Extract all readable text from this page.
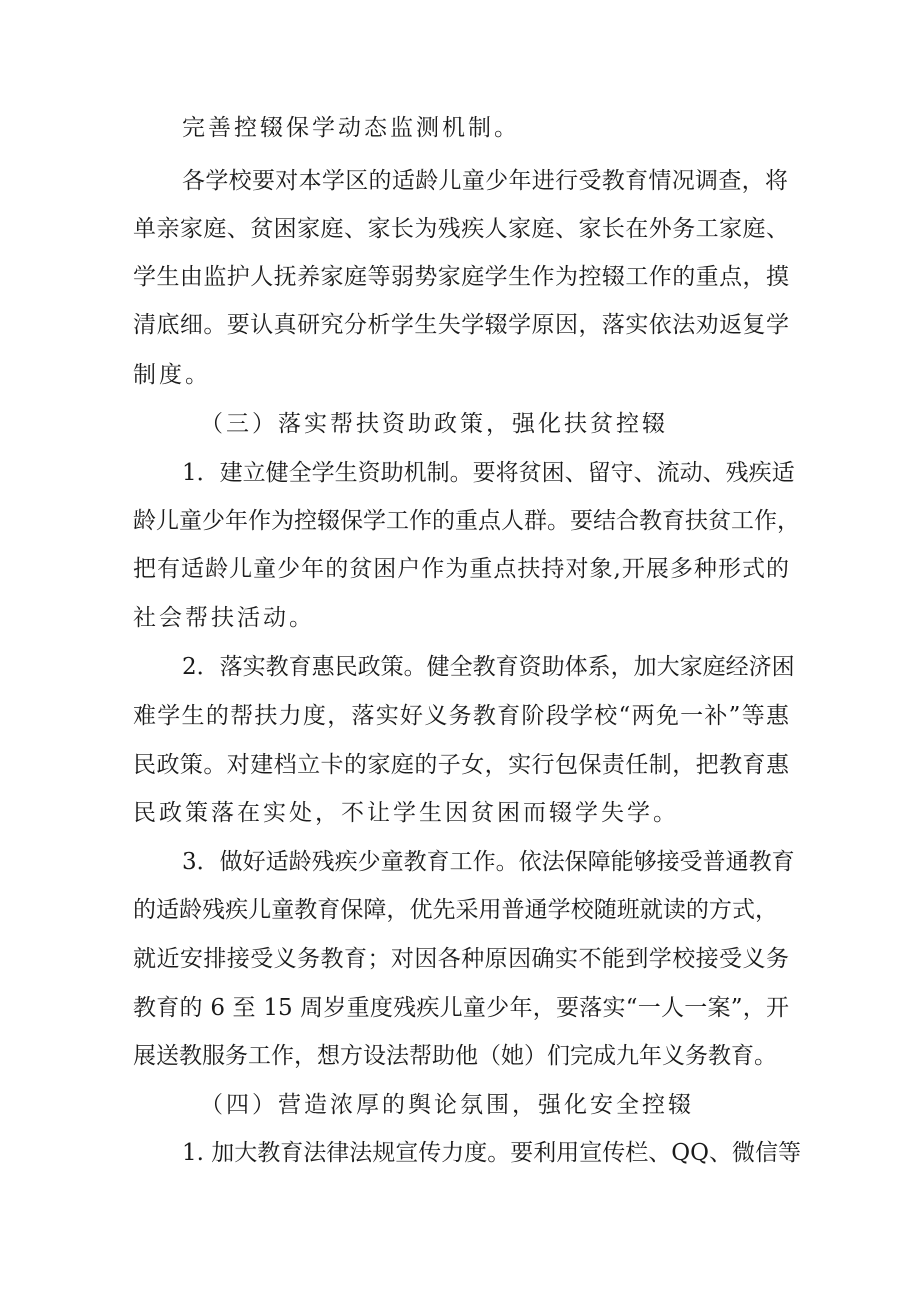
完善控辍保学动态监测机制。
各学校要对本学区的适龄儿童少年进行受教育情况调查，将
单亲家庭、贫困家庭、家长为残疾人家庭、家长在外务工家庭、
学生由监护人抚养家庭等弱势家庭学生作为控辍工作的重点，摸
清底细。要认真研究分析学生失学辍学原因，落实依法劝返复学
制度。
（三）落实帮扶资助政策，强化扶贫控辍
1．建立健全学生资助机制。要将贫困、留守、流动、残疾适
龄儿童少年作为控辍保学工作的重点人群。要结合教育扶贫工作，
把有适龄儿童少年的贫困户作为重点扶持对象,开展多种形式的
社会帮扶活动。
2．落实教育惠民政策。健全教育资助体系，加大家庭经济困
难学生的帮扶力度，落实好义务教育阶段学校“两免一补”等惠
民政策。对建档立卡的家庭的子女，实行包保责任制，把教育惠
民政策落在实处，不让学生因贫困而辍学失学。
3．做好适龄残疾少童教育工作。依法保障能够接受普通教育
的适龄残疾儿童教育保障，优先采用普通学校随班就读的方式，
就近安排接受义务教育；对因各种原因确实不能到学校接受义务
教育的 6 至 15 周岁重度残疾儿童少年，要落实“一人一案”，开
展送教服务工作，想方设法帮助他（她）们完成九年义务教育。
（四）营造浓厚的舆论氛围，强化安全控辍
1. 加大教育法律法规宣传力度。要利用宣传栏、QQ、微信等
